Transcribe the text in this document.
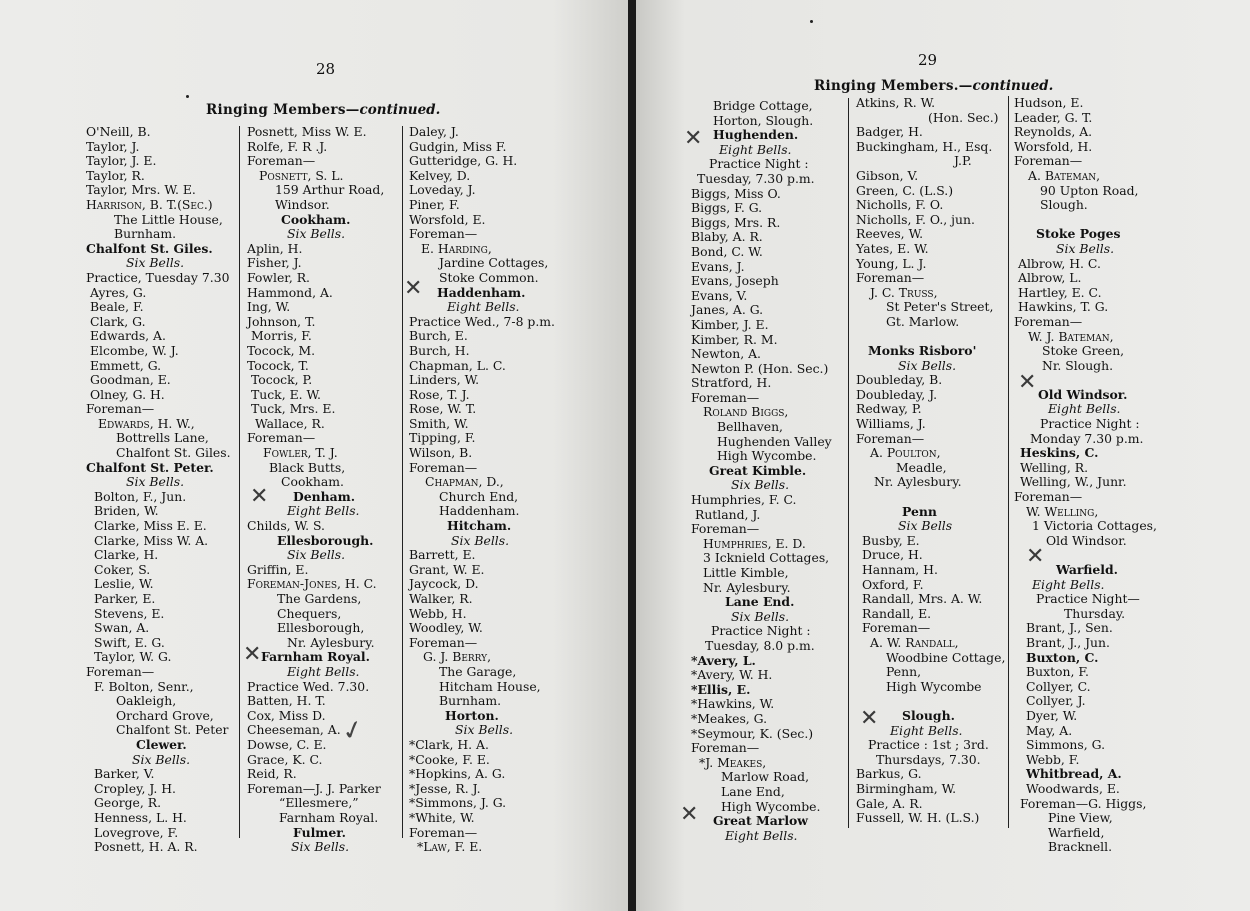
28
Ringing Members—continued.
O'Neill, B.
Taylor, J.
Taylor, J. E.
Taylor, R.
Taylor, Mrs. W. E.
Harrison, B. T.(Sec.)
The Little House,
Burnham.
Chalfont St. Giles.
Six Bells.
Practice, Tuesday 7.30
Ayres, G.
Beale, F.
Clark, G.
Edwards, A.
Elcombe, W. J.
Emmett, G.
Goodman, E.
Olney, G. H.
Foreman—
Edwards, H. W.,
Bottrells Lane,
Chalfont St. Giles.
Chalfont St. Peter.
Six Bells.
Bolton, F., Jun.
Briden, W.
Clarke, Miss E. E.
Clarke, Miss W. A.
Clarke, H.
Coker, S.
Leslie, W.
Parker, E.
Stevens, E.
Swan, A.
Swift, E. G.
Taylor, W. G.
Foreman—
F. Bolton, Senr.,
Oakleigh,
Orchard Grove,
Chalfont St. Peter
Clewer.
Six Bells.
Barker, V.
Cropley, J. H.
George, R.
Henness, L. H.
Lovegrove, F.
Posnett, H. A. R.
Posnett, Miss W. E.
Rolfe, F. R .J.
Foreman—
Posnett, S. L.
159 Arthur Road,
Windsor.
Cookham.
Six Bells.
Aplin, H.
Fisher, J.
Fowler, R.
Hammond, A.
Ing, W.
Johnson, T.
Morris, F.
Tocock, M.
Tocock, T.
Tocock, P.
Tuck, E. W.
Tuck, Mrs. E.
Wallace, R.
Foreman—
Fowler, T. J.
Black Butts,
Cookham.
Denham.
Eight Bells.
Childs, W. S.
Ellesborough.
Six Bells.
Griffin, E.
Foreman-Jones, H. C.
The Gardens,
Chequers,
Ellesborough,
Nr. Aylesbury.
Farnham Royal.
Eight Bells.
Practice Wed. 7.30.
Batten, H. T.
Cox, Miss D.
Cheeseman, A.
Dowse, C. E.
Grace, K. C.
Reid, R.
Foreman—J. J. Parker
“Ellesmere,”
Farnham Royal.
Fulmer.
Six Bells.
Daley, J.
Gudgin, Miss F.
Gutteridge, G. H.
Kelvey, D.
Loveday, J.
Piner, F.
Worsfold, E.
Foreman—
E. Harding,
Jardine Cottages,
Stoke Common.
Haddenham.
Eight Bells.
Practice Wed., 7-8 p.m.
Burch, E.
Burch, H.
Chapman, L. C.
Linders, W.
Rose, T. J.
Rose, W. T.
Smith, W.
Tipping, F.
Wilson, B.
Foreman—
Chapman, D.,
Church End,
Haddenham.
Hitcham.
Six Bells.
Barrett, E.
Grant, W. E.
Jaycock, D.
Walker, R.
Webb, H.
Woodley, W.
Foreman—
G. J. Berry,
The Garage,
Hitcham House,
Burnham.
Horton.
Six Bells.
*Clark, H. A.
*Cooke, F. E.
*Hopkins, A. G.
*Jesse, R. J.
*Simmons, J. G.
*White, W.
Foreman—
*Law, F. E.
✕
✕
✕
✓
29
Ringing Members.—continued.
Bridge Cottage,
Horton, Slough.
Hughenden.
Eight Bells.
Practice Night :
Tuesday, 7.30 p.m.
Biggs, Miss O.
Biggs, F. G.
Biggs, Mrs. R.
Blaby, A. R.
Bond, C. W.
Evans, J.
Evans, Joseph
Evans, V.
Janes, A. G.
Kimber, J. E.
Kimber, R. M.
Newton, A.
Newton P. (Hon. Sec.)
Stratford, H.
Foreman—
Roland Biggs,
Bellhaven,
Hughenden Valley
High Wycombe.
Great Kimble.
Six Bells.
Humphries, F. C.
Rutland, J.
Foreman—
Humphries, E. D.
3 Icknield Cottages,
Little Kimble,
Nr. Aylesbury.
Lane End.
Six Bells.
Practice Night :
Tuesday, 8.0 p.m.
*Avery, L.
*Avery, W. H.
*Ellis, E.
*Hawkins, W.
*Meakes, G.
*Seymour, K. (Sec.)
Foreman—
*J. Meakes,
Marlow Road,
Lane End,
High Wycombe.
Great Marlow
Eight Bells.
Atkins, R. W.
(Hon. Sec.)
Badger, H.
Buckingham, H., Esq.
J.P.
Gibson, V.
Green, C. (L.S.)
Nicholls, F. O.
Nicholls, F. O., jun.
Reeves, W.
Yates, E. W.
Young, L. J.
Foreman—
J. C. Truss,
St Peter's Street,
Gt. Marlow.
Monks Risboro'
Six Bells.
Doubleday, B.
Doubleday, J.
Redway, P.
Williams, J.
Foreman—
A. Poulton,
Meadle,
Nr. Aylesbury.
Penn
Six Bells
Busby, E.
Druce, H.
Hannam, H.
Oxford, F.
Randall, Mrs. A. W.
Randall, E.
Foreman—
A. W. Randall,
Woodbine Cottage,
Penn,
High Wycombe
Slough.
Eight Bells.
Practice : 1st ; 3rd.
Thursdays, 7.30.
Barkus, G.
Birmingham, W.
Gale, A. R.
Fussell, W. H. (L.S.)
Hudson, E.
Leader, G. T.
Reynolds, A.
Worsfold, H.
Foreman—
A. Bateman,
90 Upton Road,
Slough.
Stoke Poges
Six Bells.
Albrow, H. C.
Albrow, L.
Hartley, E. C.
Hawkins, T. G.
Foreman—
W. J. Bateman,
Stoke Green,
Nr. Slough.
Old Windsor.
Eight Bells.
Practice Night :
Monday 7.30 p.m.
Heskins, C.
Welling, R.
Welling, W., Junr.
Foreman—
W. Welling,
1 Victoria Cottages,
Old Windsor.
Warfield.
Eight Bells.
Practice Night—
Thursday.
Brant, J., Sen.
Brant, J., Jun.
Buxton, C.
Buxton, F.
Collyer, C.
Collyer, J.
Dyer, W.
May, A.
Simmons, G.
Webb, F.
Whitbread, A.
Woodwards, E.
Foreman—G. Higgs,
Pine View,
Warfield,
Bracknell.
✕
✕
✕
✕
✕
